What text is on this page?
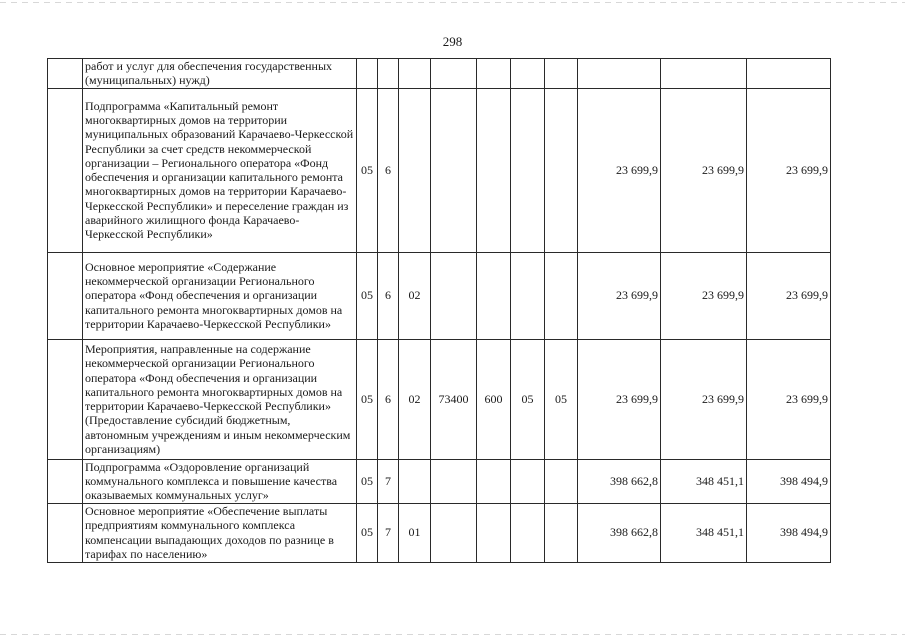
298
	работ и услуг для обеспечения государственных (муниципальных) нужд)										
	Подпрограмма «Капитальный ремонт многоквартирных домов на территории муниципальных образований Карачаево-Черкесской Республики за счет средств некоммерческой организации – Регионального оператора «Фонд обеспечения и организации капитального ремонта многоквартирных домов на территории Карачаево-Черкесской Республики» и переселение граждан из аварийного жилищного фонда Карачаево-Черкесской Республики»	05	6						23 699,9	23 699,9	23 699,9
	Основное мероприятие «Содержание некоммерческой организации Регионального оператора «Фонд обеспечения и организации капитального ремонта многоквартирных домов на территории Карачаево-Черкесской Республики»	05	6	02					23 699,9	23 699,9	23 699,9
	Мероприятия, направленные на содержание некоммерческой организации Регионального оператора «Фонд обеспечения и организации капитального ремонта многоквартирных домов на территории Карачаево-Черкесской Республики» (Предоставление субсидий бюджетным, автономным учреждениям и иным некоммерческим организациям)	05	6	02	73400	600	05	05	23 699,9	23 699,9	23 699,9
	Подпрограмма «Оздоровление организаций коммунального комплекса и повышение качества оказываемых коммунальных услуг»	05	7						398 662,8	348 451,1	398 494,9
	Основное мероприятие «Обеспечение выплаты предприятиям коммунального комплекса компенсации выпадающих доходов по разнице в тарифах по населению»	05	7	01					398 662,8	348 451,1	398 494,9
